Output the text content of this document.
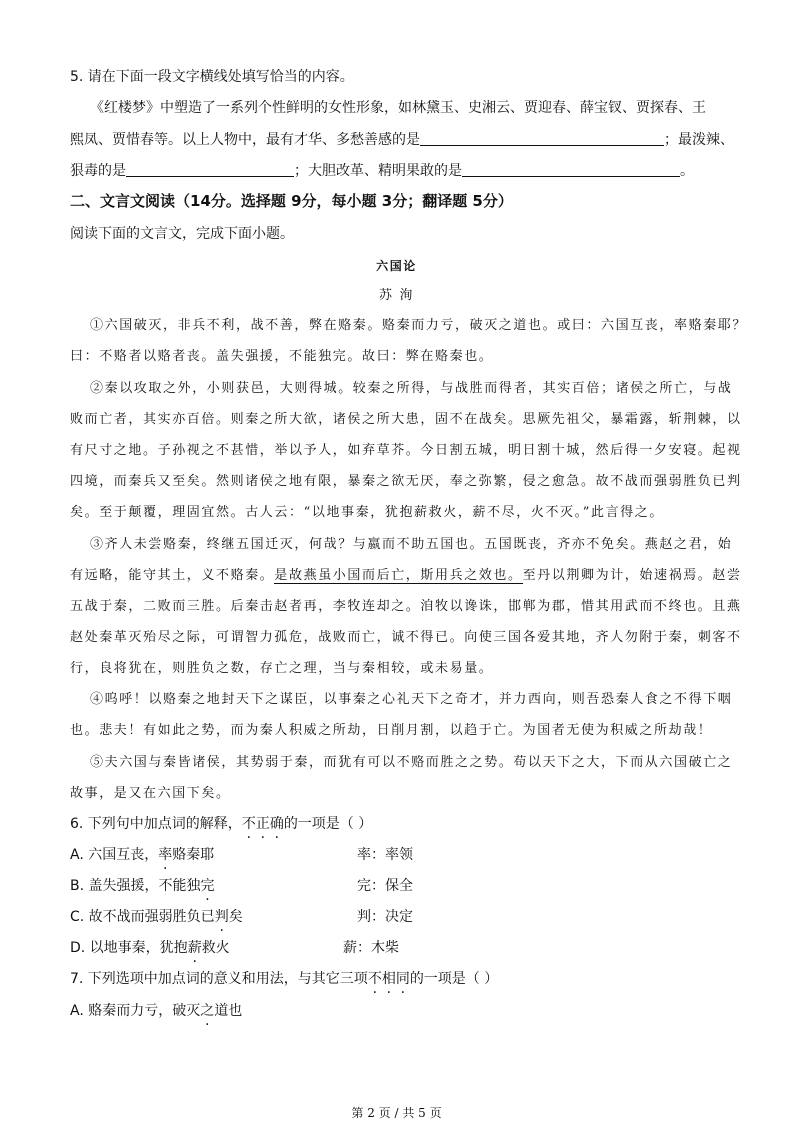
5. 请在下面一段文字横线处填写恰当的内容。
《红楼梦》中塑造了一系列个性鲜明的女性形象，如林黛玉、史湘云、贾迎春、薛宝钗、贾探春、王
熙凤、贾惜春等。以上人物中，最有才华、多愁善感的是	；最泼辣、
狠毒的是	；大胆改革、精明果敢的是	。
二、文言文阅读（14分。选择题 9分，每小题 3分；翻译题 5分）
阅读下面的文言文，完成下面小题。
六国论
苏 洵
①六国破灭，非兵不利，战不善，弊在赂秦。赂秦而力亏，破灭之道也。或曰：六国互丧，率赂秦耶？
曰：不赂者以赂者丧。盖失强援，不能独完。故曰：弊在赂秦也。
②秦以攻取之外，小则获邑，大则得城。较秦之所得，与战胜而得者，其实百倍；诸侯之所亡，与战
败而亡者，其实亦百倍。则秦之所大欲，诸侯之所大患，固不在战矣。思厥先祖父，暴霜露，斩荆棘，以
有尺寸之地。子孙视之不甚惜，举以予人，如弃草芥。今日割五城，明日割十城，然后得一夕安寝。起视
四境，而秦兵又至矣。然则诸侯之地有限，暴秦之欲无厌，奉之弥繁，侵之愈急。故不战而强弱胜负已判
矣。至于颠覆，理固宜然。古人云：“以地事秦，犹抱薪救火，薪不尽，火不灭。”此言得之。
③齐人未尝赂秦，终继五国迁灭，何哉？与嬴而不助五国也。五国既丧，齐亦不免矣。燕赵之君，始
有远略，能守其土，义不赂秦。是故燕虽小国而后亡，斯用兵之效也。至丹以荆卿为计，始速祸焉。赵尝
五战于秦，二败而三胜。后秦击赵者再，李牧连却之。洎牧以谗诛，邯郸为郡，惜其用武而不终也。且燕
赵处秦革灭殆尽之际，可谓智力孤危，战败而亡，诚不得已。向使三国各爱其地，齐人勿附于秦，刺客不
行，良将犹在，则胜负之数，存亡之理，当与秦相较，或未易量。
④呜呼！以赂秦之地封天下之谋臣，以事秦之心礼天下之奇才，并力西向，则吾恐秦人食之不得下咽
也。悲夫！有如此之势，而为秦人积威之所劫，日削月割，以趋于亡。为国者无使为积威之所劫哉！
⑤夫六国与秦皆诸侯，其势弱于秦，而犹有可以不赂而胜之之势。苟以天下之大，下而从六国破亡之
故事，是又在六国下矣。
6. 下列句中加点词的解释，不正确的一项是（ ）
A. 六国互丧，率赂秦耶	率：率领
B. 盖失强援，不能独完	完：保全
C. 故不战而强弱胜负已判矣	判：决定
D. 以地事秦，犹抱薪救火	薪：木柴
7. 下列选项中加点词的意义和用法，与其它三项不相同的一项是（ ）
A. 赂秦而力亏，破灭之道也
第 2 页 / 共 5 页
